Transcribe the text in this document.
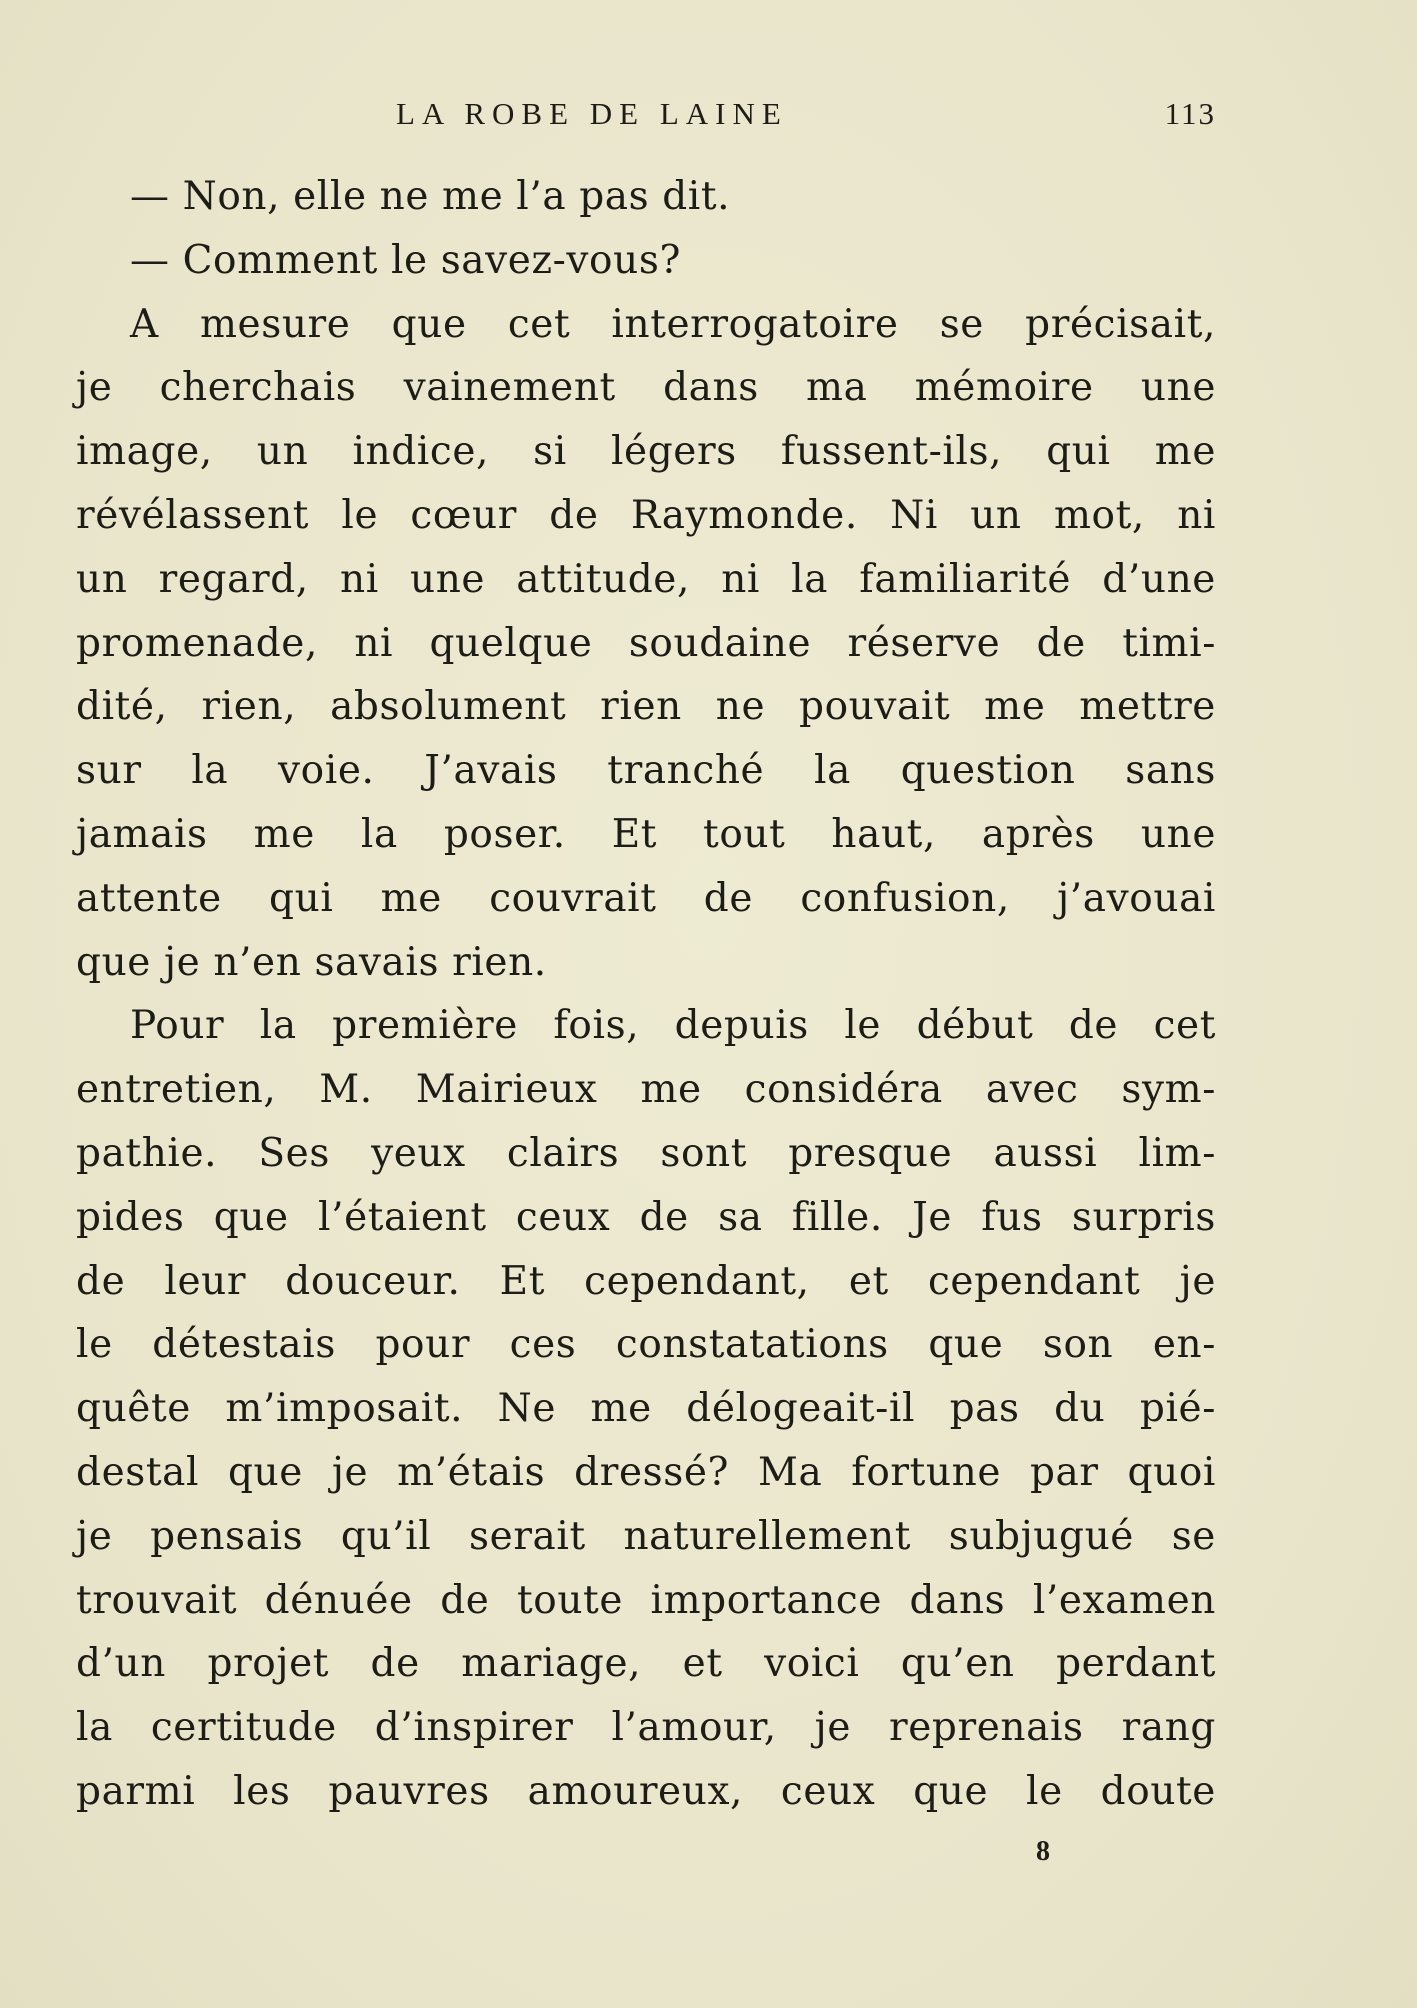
LA ROBE DE LAINE	113
— Non, elle ne me l’a pas dit.
— Comment le savez-vous?
A mesure que cet interrogatoire se précisait,
je cherchais vainement dans ma mémoire une
image, un indice, si légers fussent-ils, qui me
révélassent le cœur de Raymonde. Ni un mot, ni
un regard, ni une attitude, ni la familiarité d’une
promenade, ni quelque soudaine réserve de timi-
dité, rien, absolument rien ne pouvait me mettre
sur la voie. J’avais tranché la question sans
jamais me la poser. Et tout haut, après une
attente qui me couvrait de confusion, j’avouai
que je n’en savais rien.
Pour la première fois, depuis le début de cet
entretien, M. Mairieux me considéra avec sym-
pathie. Ses yeux clairs sont presque aussi lim-
pides que l’étaient ceux de sa fille. Je fus surpris
de leur douceur. Et cependant, et cependant je
le détestais pour ces constatations que son en-
quête m’imposait. Ne me délogeait-il pas du pié-
destal que je m’étais dressé? Ma fortune par quoi
je pensais qu’il serait naturellement subjugué se
trouvait dénuée de toute importance dans l’examen
d’un projet de mariage, et voici qu’en perdant
la certitude d’inspirer l’amour, je reprenais rang
parmi les pauvres amoureux, ceux que le doute
8
